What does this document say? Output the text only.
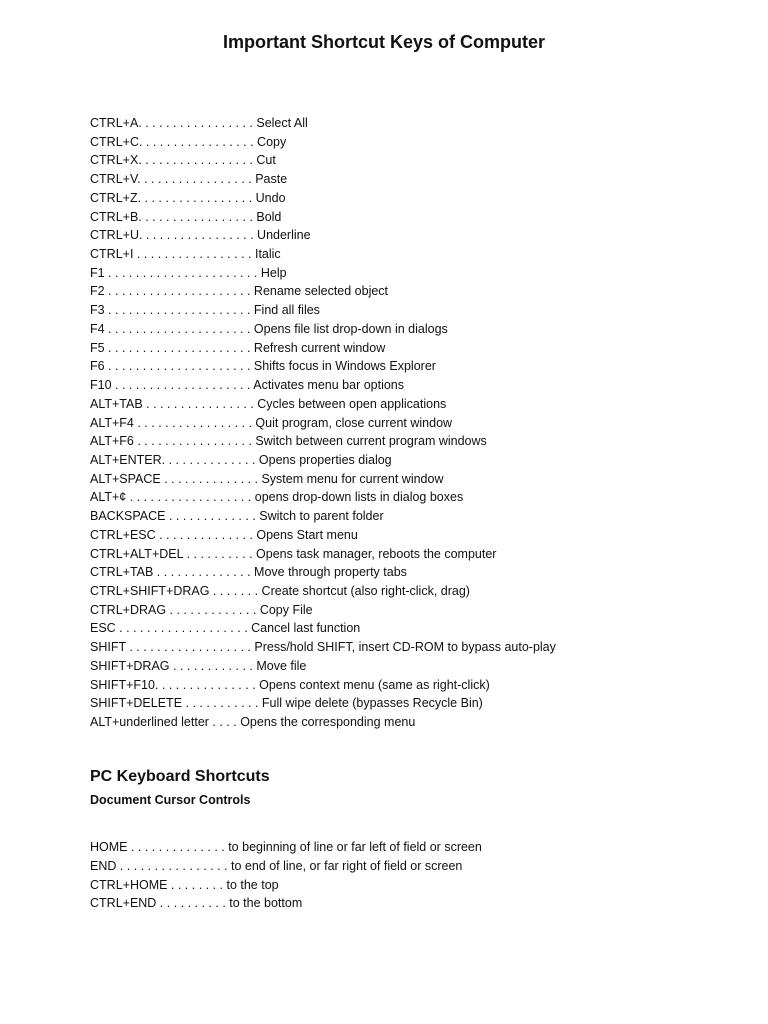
Important Shortcut Keys of Computer
CTRL+A. . . . . . . . . . . . . . . . . Select All
CTRL+C. . . . . . . . . . . . . . . . . Copy
CTRL+X. . . . . . . . . . . . . . . . . Cut
CTRL+V. . . . . . . . . . . . . . . . . Paste
CTRL+Z. . . . . . . . . . . . . . . . . Undo
CTRL+B. . . . . . . . . . . . . . . . . Bold
CTRL+U. . . . . . . . . . . . . . . . . Underline
CTRL+I . . . . . . . . . . . . . . . . . Italic
F1 . . . . . . . . . . . . . . . . . . . . . . Help
F2 . . . . . . . . . . . . . . . . . . . . . Rename selected object
F3 . . . . . . . . . . . . . . . . . . . . . Find all files
F4 . . . . . . . . . . . . . . . . . . . . . Opens file list drop-down in dialogs
F5 . . . . . . . . . . . . . . . . . . . . . Refresh current window
F6 . . . . . . . . . . . . . . . . . . . . . Shifts focus in Windows Explorer
F10 . . . . . . . . . . . . . . . . . . . . Activates menu bar options
ALT+TAB . . . . . . . . . . . . . . . . Cycles between open applications
ALT+F4 . . . . . . . . . . . . . . . . . Quit program, close current window
ALT+F6 . . . . . . . . . . . . . . . . . Switch between current program windows
ALT+ENTER. . . . . . . . . . . . . . Opens properties dialog
ALT+SPACE . . . . . . . . . . . . . . System menu for current window
ALT+¢ . . . . . . . . . . . . . . . . . . opens drop-down lists in dialog boxes
BACKSPACE . . . . . . . . . . . . . Switch to parent folder
CTRL+ESC . . . . . . . . . . . . . . Opens Start menu
CTRL+ALT+DEL . . . . . . . . . . Opens task manager, reboots the computer
CTRL+TAB . . . . . . . . . . . . . . Move through property tabs
CTRL+SHIFT+DRAG . . . . . . . Create shortcut (also right-click, drag)
CTRL+DRAG . . . . . . . . . . . . . Copy File
ESC . . . . . . . . . . . . . . . . . . . Cancel last function
SHIFT . . . . . . . . . . . . . . . . . . Press/hold SHIFT, insert CD-ROM to bypass auto-play
SHIFT+DRAG . . . . . . . . . . . . Move file
SHIFT+F10. . . . . . . . . . . . . . . Opens context menu (same as right-click)
SHIFT+DELETE . . . . . . . . . . . Full wipe delete (bypasses Recycle Bin)
ALT+underlined letter . . . . Opens the corresponding menu
PC Keyboard Shortcuts
Document Cursor Controls
HOME . . . . . . . . . . . . . . to beginning of line or far left of field or screen
END . . . . . . . . . . . . . . . . to end of line, or far right of field or screen
CTRL+HOME . . . . . . . . to the top
CTRL+END . . . . . . . . . . to the bottom
